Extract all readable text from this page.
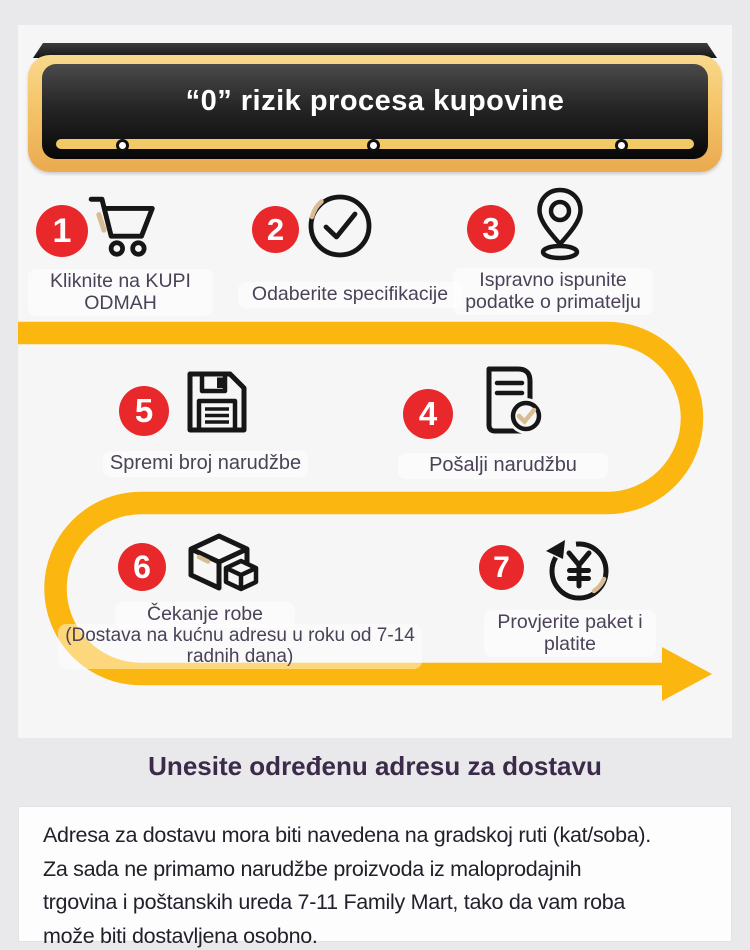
“0” rizik procesa kupovine
1	2	3
5	4
6	7
Kliknite na KUPI
ODMAH	Odaberite specifikacije
Ispravno ispunite
podatke o primatelju
Spremi broj narudžbe	Pošalji narudžbu
Čekanje robe
(Dostava na kućnu adresu u roku od 7-14
radnih dana)
Provjerite paket i
platite
Unesite određenu adresu za dostavu
Adresa za dostavu mora biti navedena na gradskoj ruti (kat/soba).
Za sada ne primamo narudžbe proizvoda iz maloprodajnih
trgovina i poštanskih ureda 7-11 Family Mart, tako da vam roba
može biti dostavljena osobno.
